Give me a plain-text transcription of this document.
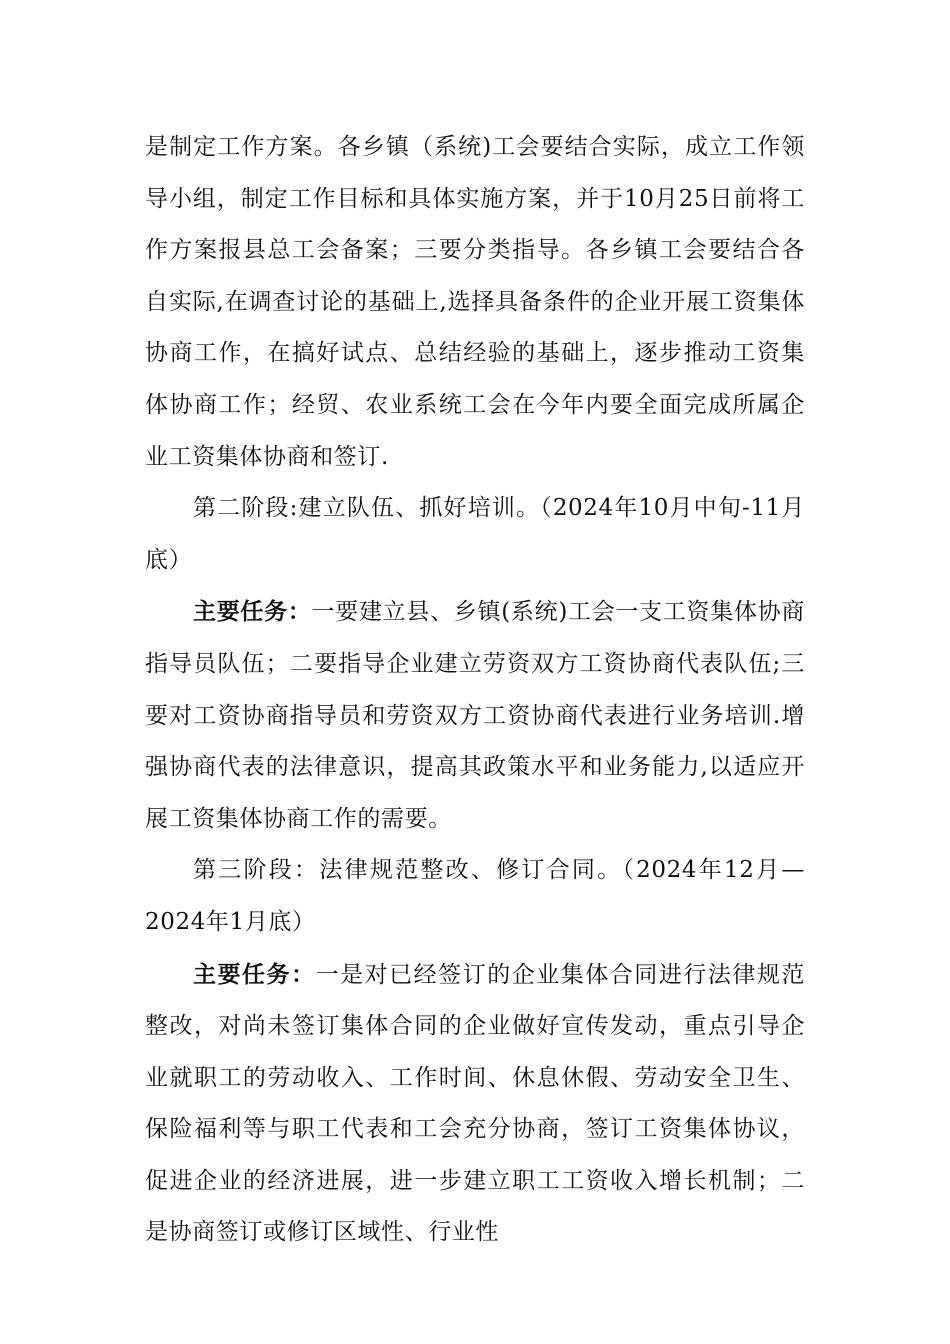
是制定工作方案。各乡镇（系统)工会要结合实际，成立工作领导小组，制定工作目标和具体实施方案，并于10月25日前将工作方案报县总工会备案；三要分类指导。各乡镇工会要结合各自实际,在调查讨论的基础上,选择具备条件的企业开展工资集体协商工作，在搞好试点、总结经验的基础上，逐步推动工资集体协商工作；经贸、农业系统工会在今年内要全面完成所属企业工资集体协商和签订.

第二阶段:建立队伍、抓好培训。（2024年10月中旬-11月底）

主要任务：一要建立县、乡镇(系统)工会一支工资集体协商指导员队伍；二要指导企业建立劳资双方工资协商代表队伍;三要对工资协商指导员和劳资双方工资协商代表进行业务培训.增强协商代表的法律意识，提高其政策水平和业务能力,以适应开展工资集体协商工作的需要。

第三阶段：法律规范整改、修订合同。（2024年12月—2024年1月底）

主要任务：一是对已经签订的企业集体合同进行法律规范整改，对尚未签订集体合同的企业做好宣传发动，重点引导企业就职工的劳动收入、工作时间、休息休假、劳动安全卫生、保险福利等与职工代表和工会充分协商，签订工资集体协议，促进企业的经济进展，进一步建立职工工资收入增长机制；二是协商签订或修订区域性、行业性
